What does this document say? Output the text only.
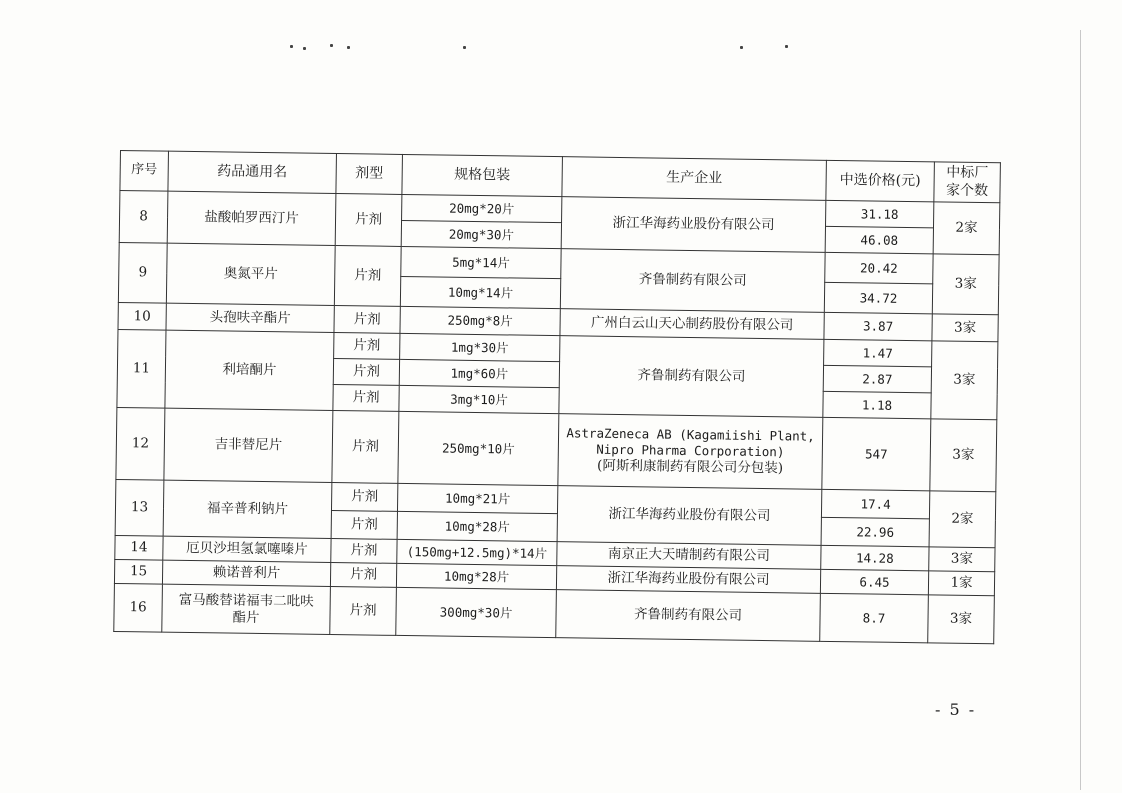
序号	药品通用名	剂型	规格包装	生产企业	中选价格(元)	中标厂家个数
8	盐酸帕罗西汀片	片剂	20mg*20片	浙江华海药业股份有限公司	31.18	2家
			20mg*30片		46.08	
9	奥氮平片	片剂	5mg*14片	齐鲁制药有限公司	20.42	3家
			10mg*14片		34.72	
10	头孢呋辛酯片	片剂	250mg*8片	广州白云山天心制药股份有限公司	3.87	3家
11	利培酮片	片剂	1mg*30片	齐鲁制药有限公司	1.47	3家
		片剂	1mg*60片		2.87	
		片剂	3mg*10片		1.18	
12	吉非替尼片	片剂	250mg*10片	AstraZeneca AB (Kagamiishi Plant,
Nipro Pharma Corporation)
(阿斯利康制药有限公司分包装)	547	3家
13	福辛普利钠片	片剂	10mg*21片	浙江华海药业股份有限公司	17.4	2家
		片剂	10mg*28片		22.96	
14	厄贝沙坦氢氯噻嗪片	片剂	(150mg+12.5mg)*14片	南京正大天晴制药有限公司	14.28	3家
15	赖诺普利片	片剂	10mg*28片	浙江华海药业股份有限公司	6.45	1家
16	富马酸替诺福韦二吡呋酯片	片剂	300mg*30片	齐鲁制药有限公司	8.7	3家
- 5 -
